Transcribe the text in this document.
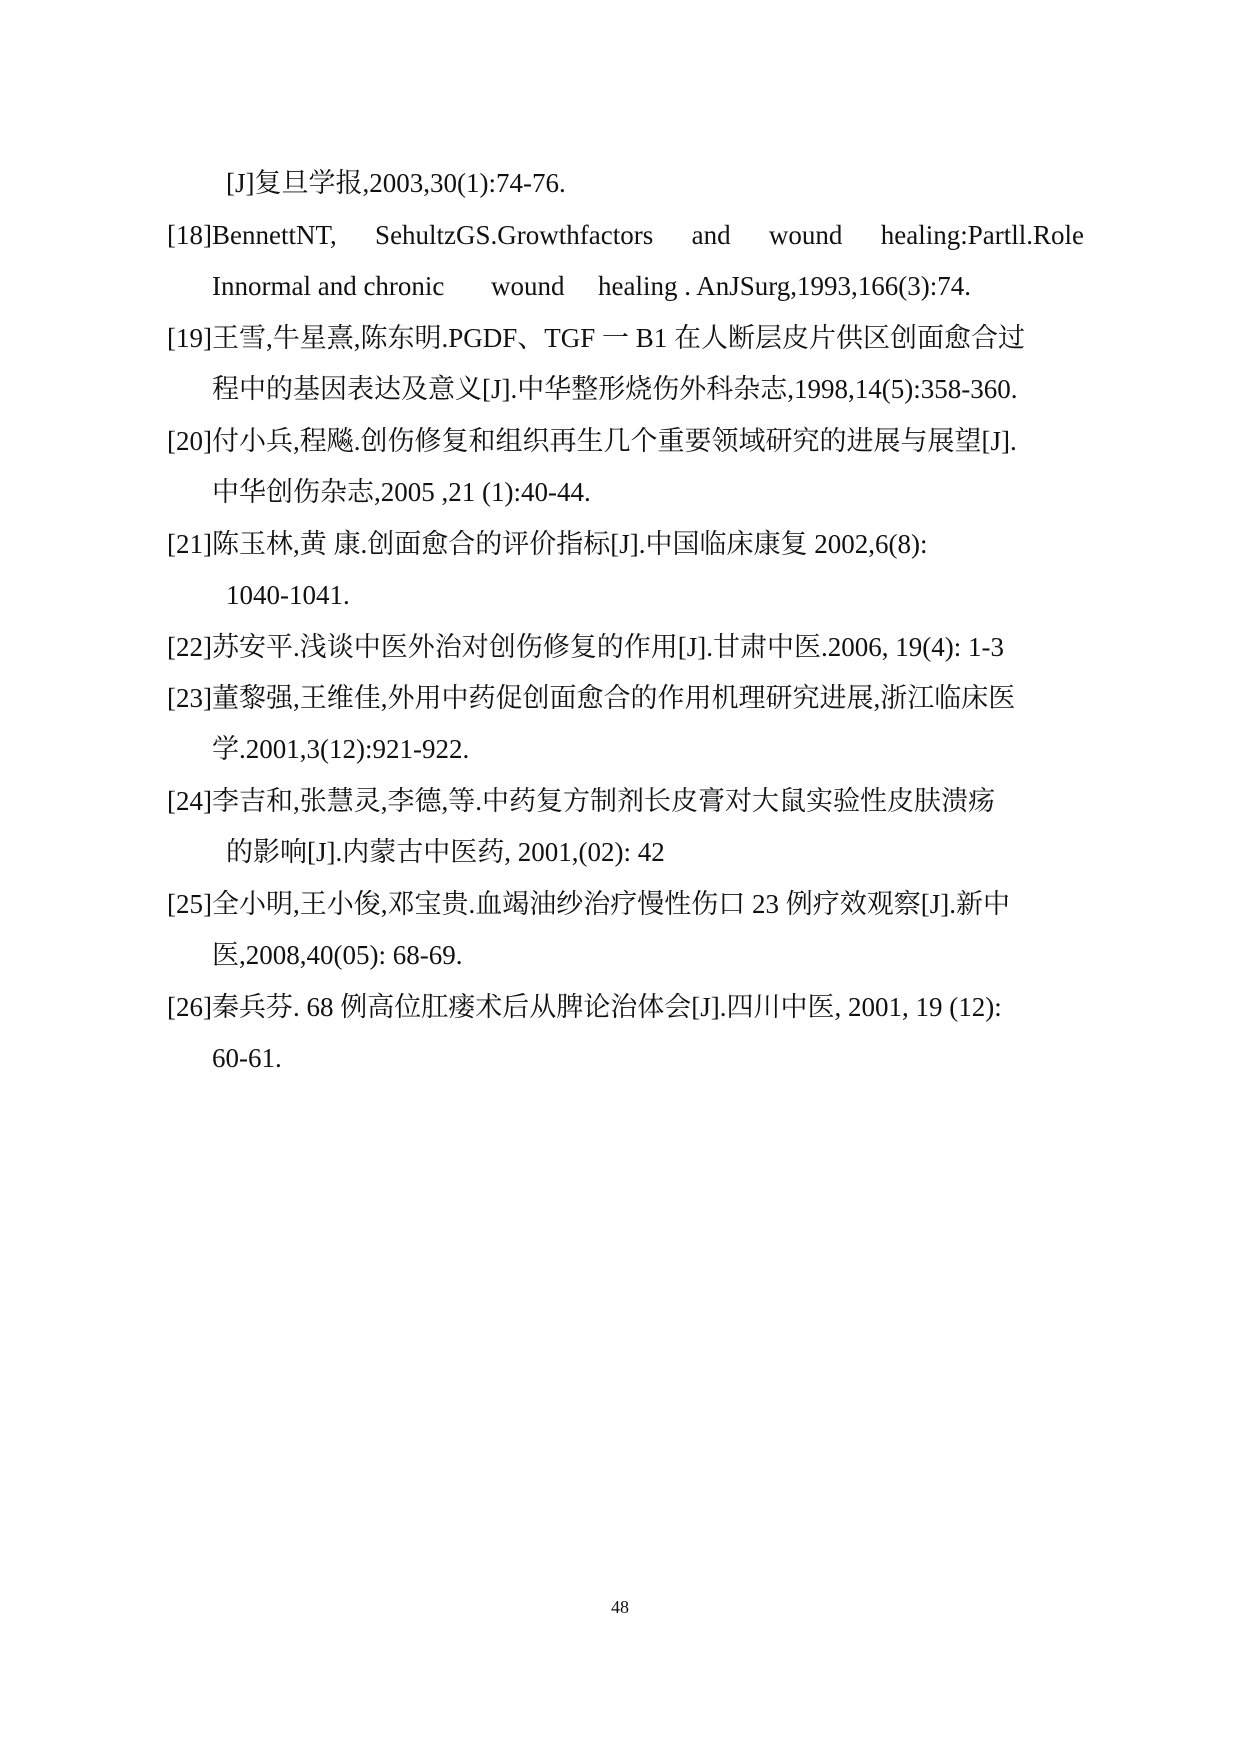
[J]复旦学报,2003,30(1):74-76.
[18]BennettNT, SehultzGS.Growthfactors and wound healing:Partll.Role
Innormal and chronic wound healing . AnJSurg,1993,166(3):74.
[19]王雪,牛星熹,陈东明.PGDF、TGF 一 B1 在人断层皮片供区创面愈合过
程中的基因表达及意义[J].中华整形烧伤外科杂志,1998,14(5):358-360.
[20]付小兵,程飚.创伤修复和组织再生几个重要领域研究的进展与展望[J].
中华创伤杂志,2005 ,21 (1):40-44.
[21]陈玉林,黄 康.创面愈合的评价指标[J].中国临床康复 2002,6(8):
1040-1041.
[22]苏安平.浅谈中医外治对创伤修复的作用[J].甘肃中医.2006, 19(4): 1-3
[23]董黎强,王维佳,外用中药促创面愈合的作用机理研究进展,浙江临床医
学.2001,3(12):921-922.
[24]李吉和,张慧灵,李德,等.中药复方制剂长皮膏对大鼠实验性皮肤溃疡
的影响[J].内蒙古中医药, 2001,(02): 42
[25]全小明,王小俊,邓宝贵.血竭油纱治疗慢性伤口 23 例疗效观察[J].新中
医,2008,40(05): 68-69.
[26]秦兵芬. 68 例高位肛瘘术后从脾论治体会[J].四川中医, 2001, 19 (12):
60-61.
48
